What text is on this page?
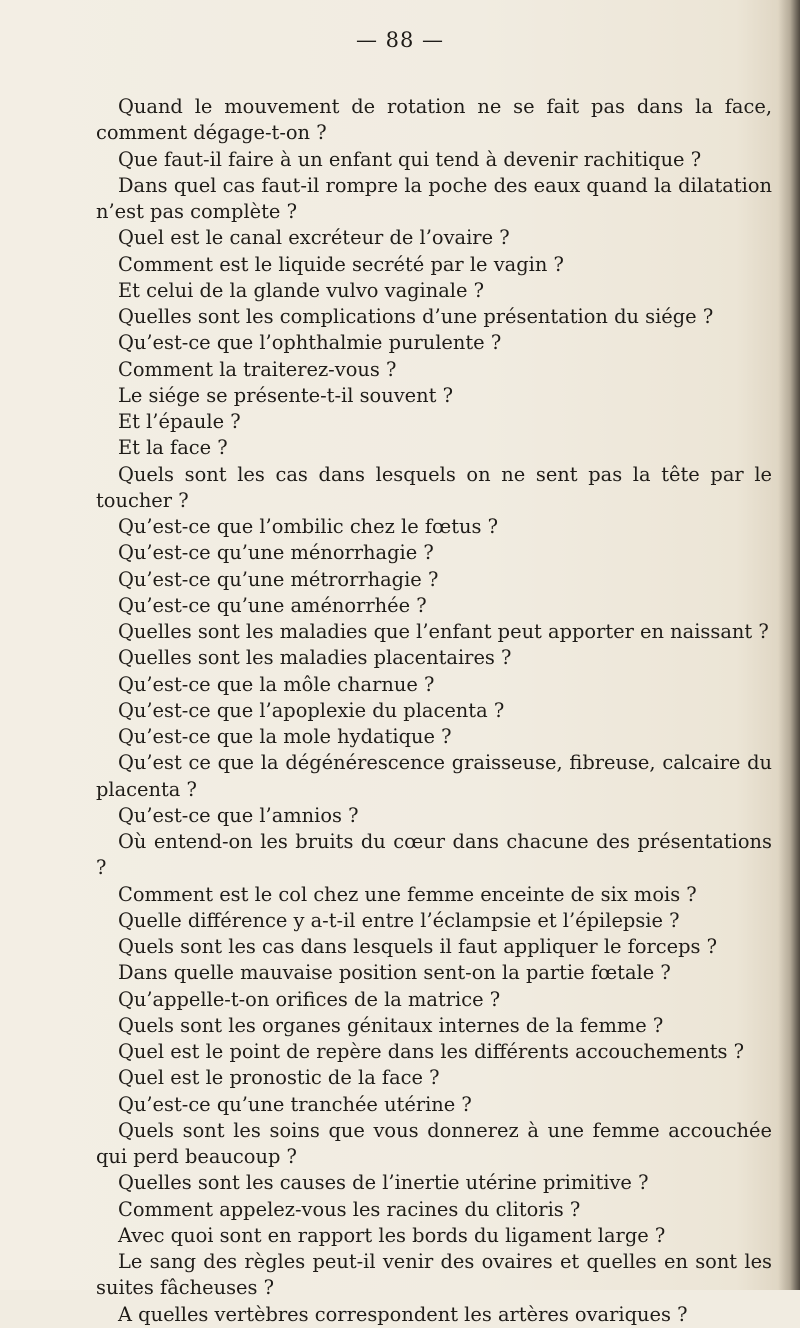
— 88 —
Quand le mouvement de rotation ne se fait pas dans la face, comment dégage-t-on ?
Que faut-il faire à un enfant qui tend à devenir rachitique ?
Dans quel cas faut-il rompre la poche des eaux quand la dilatation n’est pas complète ?
Quel est le canal excréteur de l’ovaire ?
Comment est le liquide secrété par le vagin ?
Et celui de la glande vulvo vaginale ?
Quelles sont les complications d’une présentation du siége ?
Qu’est-ce que l’ophthalmie purulente ?
Comment la traiterez-vous ?
Le siége se présente-t-il souvent ?
Et l’épaule ?
Et la face ?
Quels sont les cas dans lesquels on ne sent pas la tête par le toucher ?
Qu’est-ce que l’ombilic chez le fœtus ?
Qu’est-ce qu’une ménorrhagie ?
Qu’est-ce qu’une métrorrhagie ?
Qu’est-ce qu’une aménorrhée ?
Quelles sont les maladies que l’enfant peut apporter en naissant ?
Quelles sont les maladies placentaires ?
Qu’est-ce que la môle charnue ?
Qu’est-ce que l’apoplexie du placenta ?
Qu’est-ce que la mole hydatique ?
Qu’est ce que la dégénérescence graisseuse, fibreuse, calcaire du placenta ?
Qu’est-ce que l’amnios ?
Où entend-on les bruits du cœur dans chacune des présentations ?
Comment est le col chez une femme enceinte de six mois ?
Quelle différence y a-t-il entre l’éclampsie et l’épilepsie ?
Quels sont les cas dans lesquels il faut appliquer le forceps ?
Dans quelle mauvaise position sent-on la partie fœtale ?
Qu’appelle-t-on orifices de la matrice ?
Quels sont les organes génitaux internes de la femme ?
Quel est le point de repère dans les différents accouchements ?
Quel est le pronostic de la face ?
Qu’est-ce qu’une tranchée utérine ?
Quels sont les soins que vous donnerez à une femme accouchée qui perd beaucoup ?
Quelles sont les causes de l’inertie utérine primitive ?
Comment appelez-vous les racines du clitoris ?
Avec quoi sont en rapport les bords du ligament large ?
Le sang des règles peut-il venir des ovaires et quelles en sont les suites fâcheuses ?
A quelles vertèbres correspondent les artères ovariques ?
